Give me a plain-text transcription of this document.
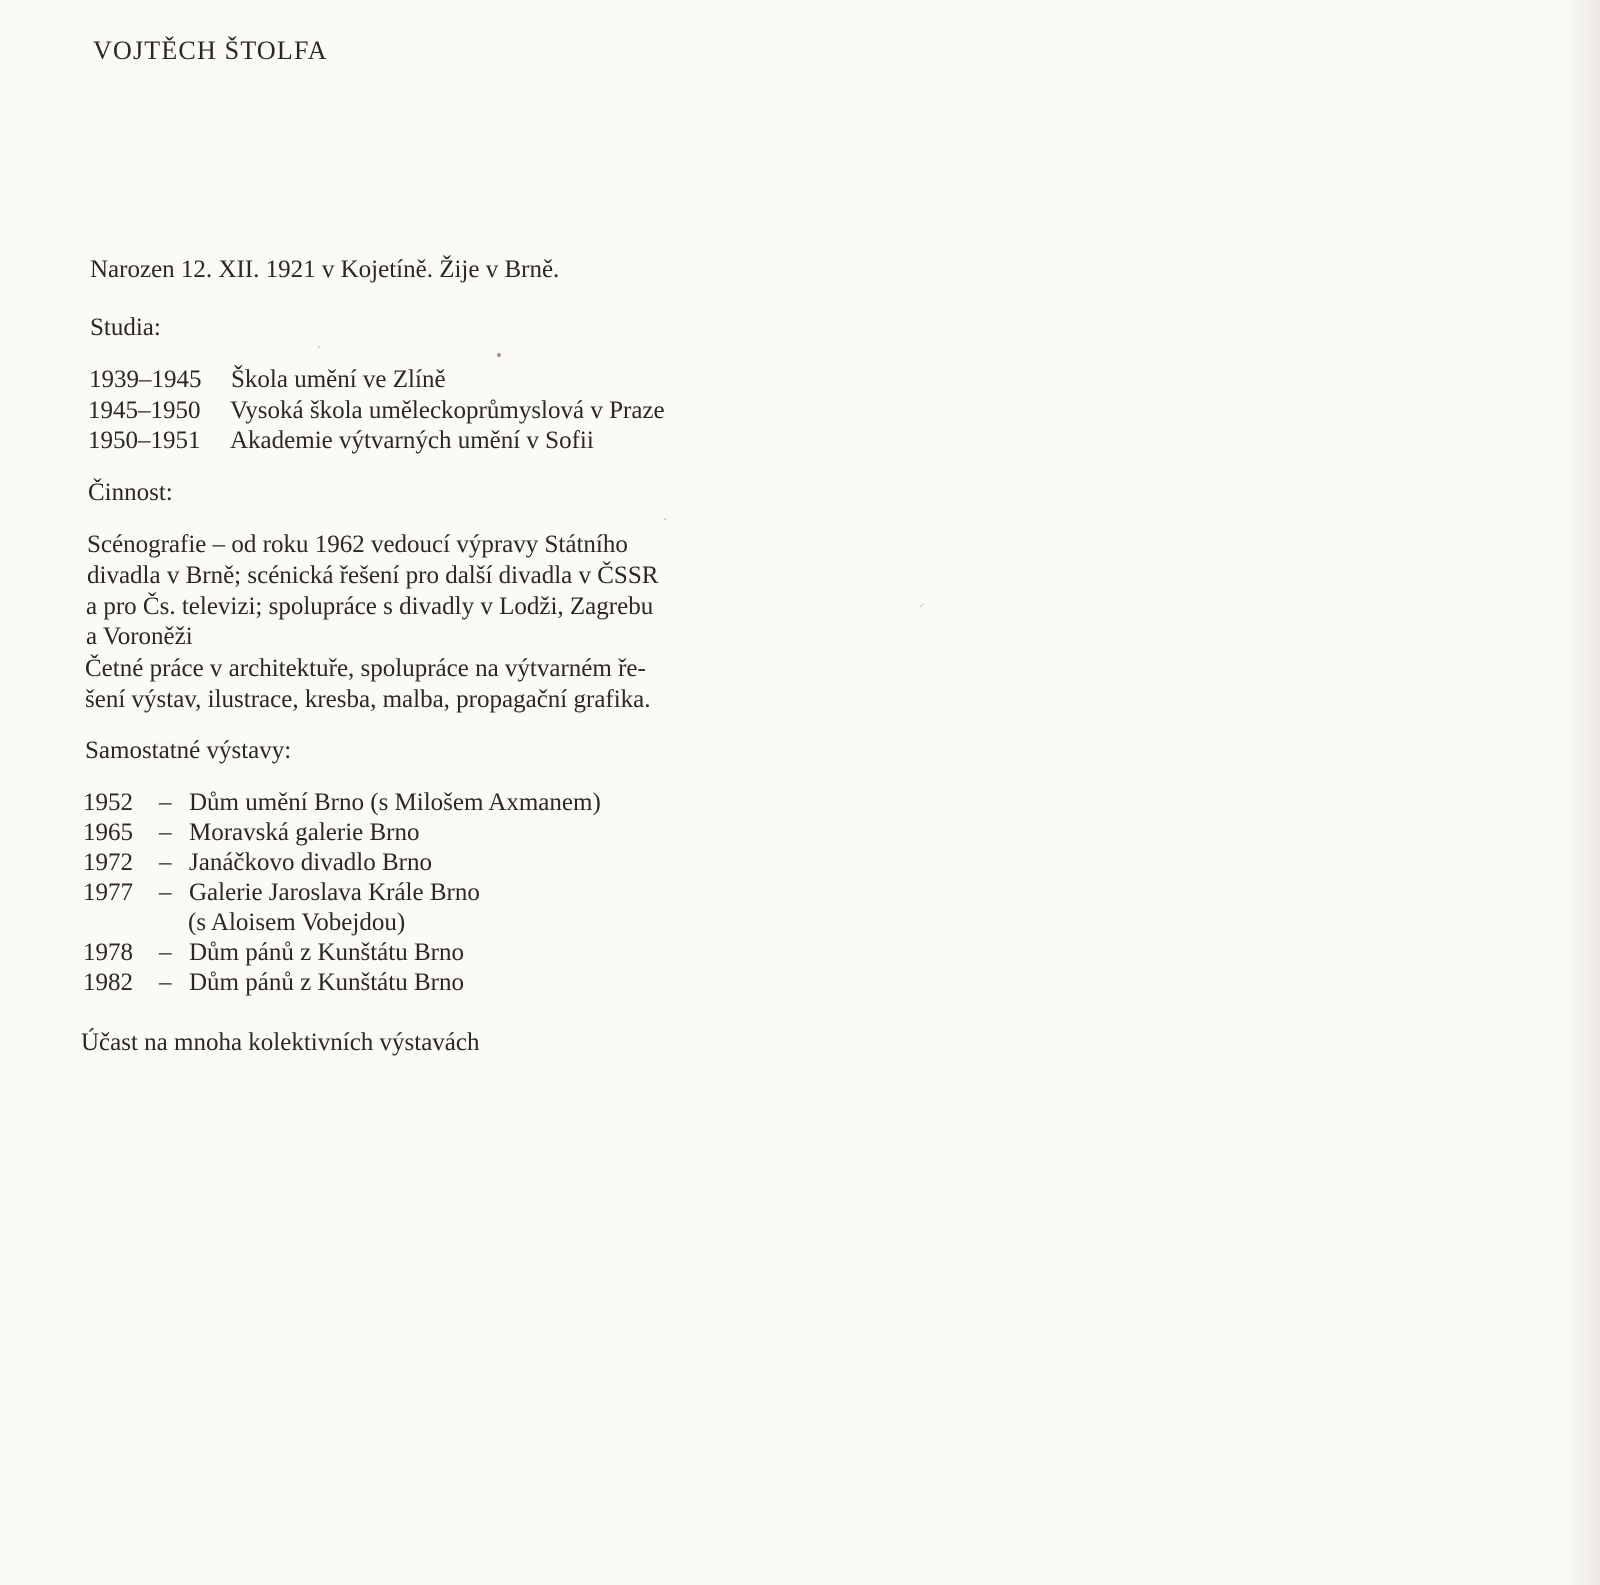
VOJTĚCH ŠTOLFA
Narozen 12. XII. 1921 v Kojetíně. Žije v Brně.
Studia:
1939–1945 Škola umění ve Zlíně
1945–1950 Vysoká škola uměleckoprůmyslová v Praze
1950–1951 Akademie výtvarných umění v Sofii
Činnost:
Scénografie – od roku 1962 vedoucí výpravy Státního
divadla v Brně; scénická řešení pro další divadla v ČSSR
a pro Čs. televizi; spolupráce s divadly v Lodži, Zagrebu
a Voroněži
Četné práce v architektuře, spolupráce na výtvarném ře-
šení výstav, ilustrace, kresba, malba, propagační grafika.
Samostatné výstavy:
1952 – Dům umění Brno (s Milošem Axmanem)
1965 – Moravská galerie Brno
1972 – Janáčkovo divadlo Brno
1977 – Galerie Jaroslava Krále Brno
(s Aloisem Vobejdou)
1978 – Dům pánů z Kunštátu Brno
1982 – Dům pánů z Kunštátu Brno
Účast na mnoha kolektivních výstavách
